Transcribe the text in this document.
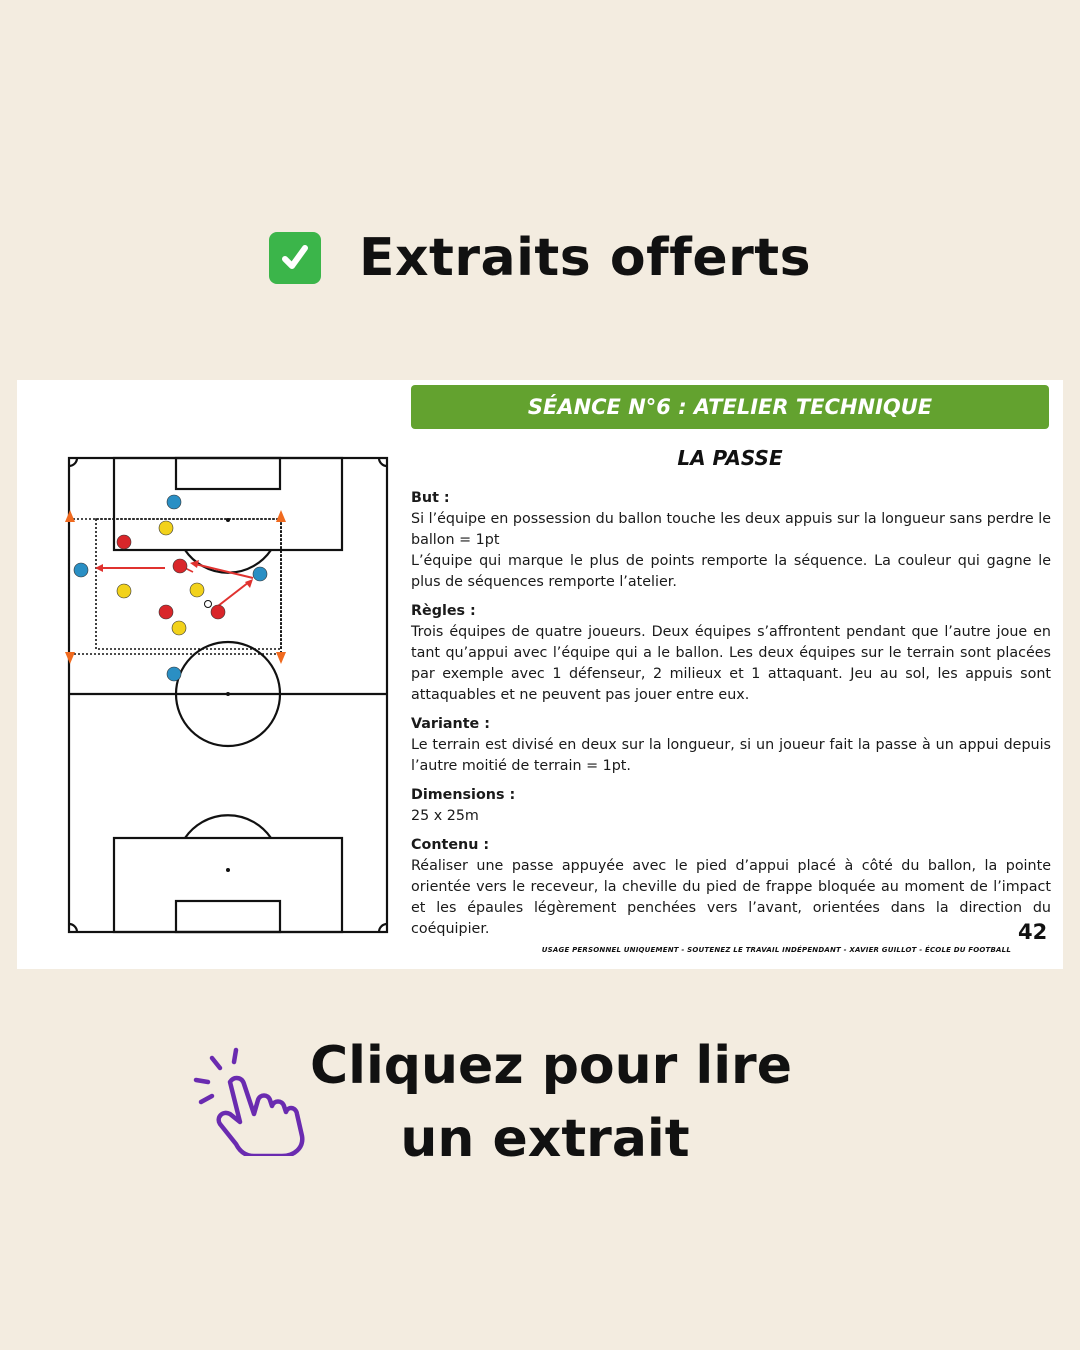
Extraits offerts
SÉANCE N°6 : ATELIER TECHNIQUE
LA PASSE
But :

Si l’équipe en possession du ballon touche les deux appuis sur la longueur sans perdre le ballon = 1pt

L’équipe qui marque le plus de points remporte la séquence. La couleur qui gagne le plus de séquences remporte l’atelier.

Règles :

Trois équipes de quatre joueurs. Deux équipes s’affrontent pendant que l’autre joue en tant qu’appui avec l’équipe qui a le ballon. Les deux équipes sur le terrain sont placées par exemple avec 1 défenseur, 2 milieux et 1 attaquant. Jeu au sol, les appuis sont attaquables et ne peuvent pas jouer entre eux.

Variante :

Le terrain est divisé en deux sur la longueur, si un joueur fait la passe à un appui depuis l’autre moitié de terrain = 1pt.

Dimensions :

25 x 25m

Contenu :

Réaliser une passe appuyée avec le pied d’appui placé à côté du ballon, la pointe orientée vers le receveur, la cheville du pied de frappe bloquée au moment de l’impact et les épaules légèrement penchées vers l’avant, orientées dans la direction du coéquipier.	42
USAGE PERSONNEL UNIQUEMENT - SOUTENEZ LE TRAVAIL INDÉPENDANT - XAVIER GUILLOT - ÉCOLE DU FOOTBALL
Cliquez pour lire
un extrait
